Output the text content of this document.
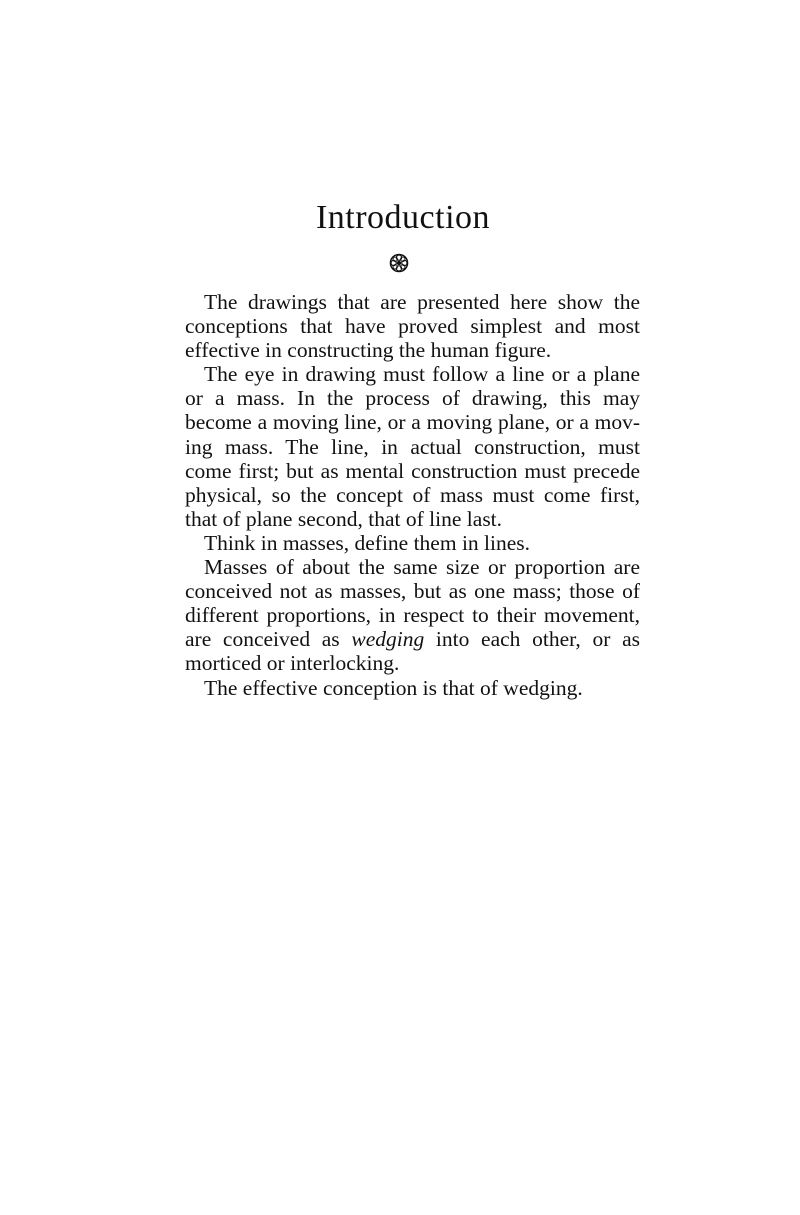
Introduction

The drawings that are presented here show the
conceptions that have proved simplest and most
effective in constructing the human figure.

The eye in drawing must follow a line or a plane
or a mass. In the process of drawing, this may
become a moving line, or a moving plane, or a mov-
ing mass. The line, in actual construction, must
come first; but as mental construction must precede
physical, so the concept of mass must come first,
that of plane second, that of line last.

Think in masses, define them in lines.

Masses of about the same size or proportion are
conceived not as masses, but as one mass; those of
different proportions, in respect to their movement,
are conceived as wedging into each other, or as
morticed or interlocking.

The effective conception is that of wedging.
